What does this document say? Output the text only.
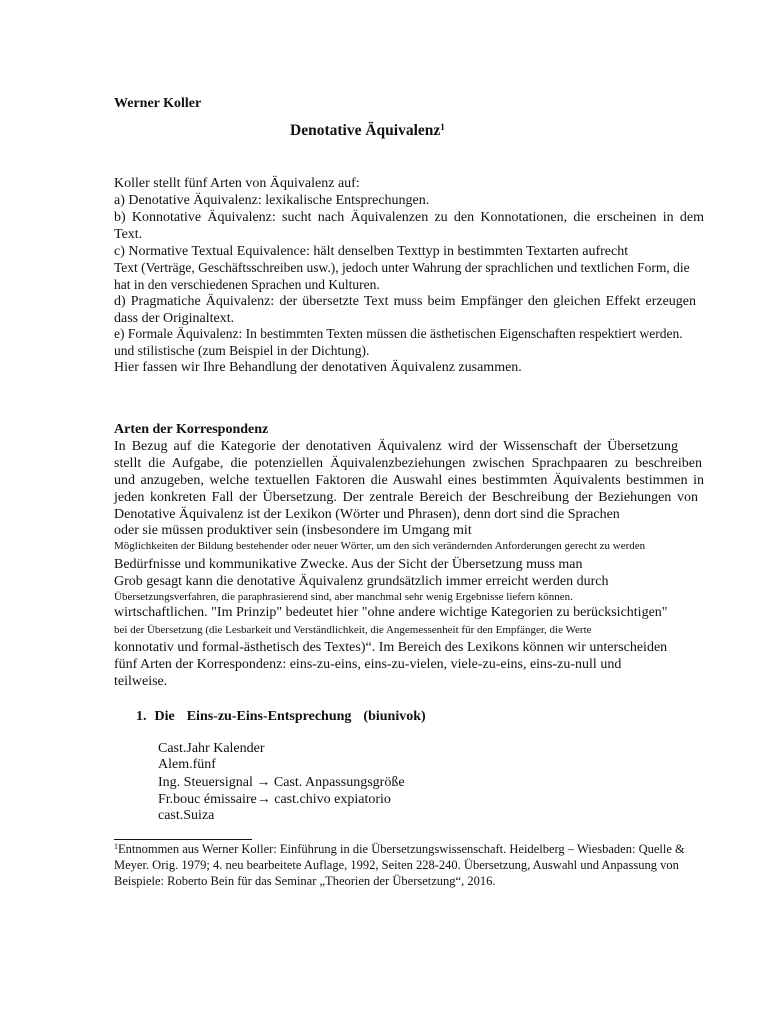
Werner Koller
Denotative Äquivalenz$^1$
Koller stellt fünf Arten von Äquivalenz auf:
a) Denotative Äquivalenz: lexikalische Entsprechungen.
b) Konnotative Äquivalenz: sucht nach Äquivalenzen zu den Konnotationen, die erscheinen in dem
Text.
c) Normative Textual Equivalence: hält denselben Texttyp in bestimmten Textarten aufrecht
Text (Verträge, Geschäftsschreiben usw.), jedoch unter Wahrung der sprachlichen und textlichen Form, die
hat in den verschiedenen Sprachen und Kulturen.
d) Pragmatiche Äquivalenz: der übersetzte Text muss beim Empfänger den gleichen Effekt erzeugen
dass der Originaltext.
e) Formale Äquivalenz: In bestimmten Texten müssen die ästhetischen Eigenschaften respektiert werden.
und stilistische (zum Beispiel in der Dichtung).
Hier fassen wir Ihre Behandlung der denotativen Äquivalenz zusammen.
Arten der Korrespondenz
In Bezug auf die Kategorie der denotativen Äquivalenz wird der Wissenschaft der Übersetzung
stellt die Aufgabe, die potenziellen Äquivalenzbeziehungen zwischen Sprachpaaren zu beschreiben
und anzugeben, welche textuellen Faktoren die Auswahl eines bestimmten Äquivalents bestimmen in
jeden konkreten Fall der Übersetzung. Der zentrale Bereich der Beschreibung der Beziehungen von
Denotative Äquivalenz ist der Lexikon (Wörter und Phrasen), denn dort sind die Sprachen
oder sie müssen produktiver sein (insbesondere im Umgang mit
Möglichkeiten der Bildung bestehender oder neuer Wörter, um den sich verändernden Anforderungen gerecht zu werden
Bedürfnisse und kommunikative Zwecke. Aus der Sicht der Übersetzung muss man
Grob gesagt kann die denotative Äquivalenz grundsätzlich immer erreicht werden durch
Übersetzungsverfahren, die paraphrasierend sind, aber manchmal sehr wenig Ergebnisse liefern können.
wirtschaftlichen. "Im Prinzip" bedeutet hier "ohne andere wichtige Kategorien zu berücksichtigen"
bei der Übersetzung (die Lesbarkeit und Verständlichkeit, die Angemessenheit für den Empfänger, die Werte
konnotativ und formal-ästhetisch des Textes)“. Im Bereich des Lexikons können wir unterscheiden
fünf Arten der Korrespondenz: eins-zu-eins, eins-zu-vielen, viele-zu-eins, eins-zu-null und
teilweise.
1. Die Eins-zu-Eins-Entsprechung (biunivok)
Cast.Jahr Kalender
Alem.fünf
Ing. Steuersignal → Cast. Anpassungsgröße
Fr.bouc émissaire→ cast.chivo expiatorio
cast.Suiza
$^1$Entnommen aus Werner Koller: Einführung in die Übersetzungswissenschaft. Heidelberg – Wiesbaden: Quelle &
Meyer. Orig. 1979; 4. neu bearbeitete Auflage, 1992, Seiten 228-240. Übersetzung, Auswahl und Anpassung von
Beispiele: Roberto Bein für das Seminar „Theorien der Übersetzung“, 2016.
